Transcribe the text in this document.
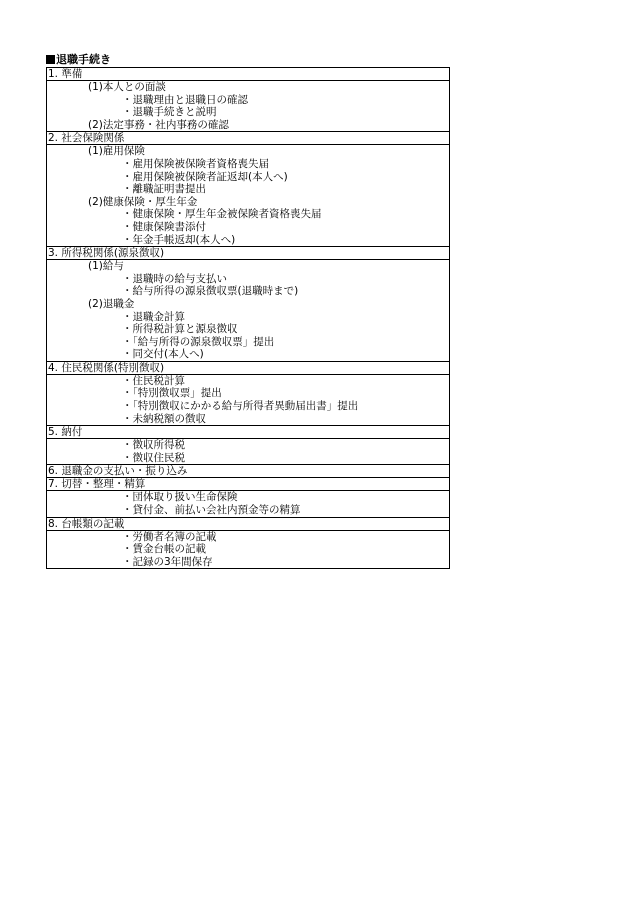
退職手続き
1. 準備
(1)本人との面談
・退職理由と退職日の確認
・退職手続きと説明
(2)法定事務・社内事務の確認
2. 社会保険関係
(1)雇用保険
・雇用保険被保険者資格喪失届
・雇用保険被保険者証返却(本人へ)
・離職証明書提出
(2)健康保険・厚生年金
・健康保険・厚生年金被保険者資格喪失届
・健康保険書添付
・年金手帳返却(本人へ)
3. 所得税関係(源泉徴収)
(1)給与
・退職時の給与支払い
・給与所得の源泉徴収票(退職時まで)
(2)退職金
・退職金計算
・所得税計算と源泉徴収
・「給与所得の源泉徴収票」提出
・同交付(本人へ)
4. 住民税関係(特別徴収)
・住民税計算
・「特別徴収票」提出
・「特別徴収にかかる給与所得者異動届出書」提出
・未納税額の徴収
5. 納付
・徴収所得税
・徴収住民税
6. 退職金の支払い・振り込み
7. 切替・整理・精算
・団体取り扱い生命保険
・貸付金、前払い会社内預金等の精算
8. 台帳類の記載
・労働者名簿の記載
・賃金台帳の記載
・記録の3年間保存
